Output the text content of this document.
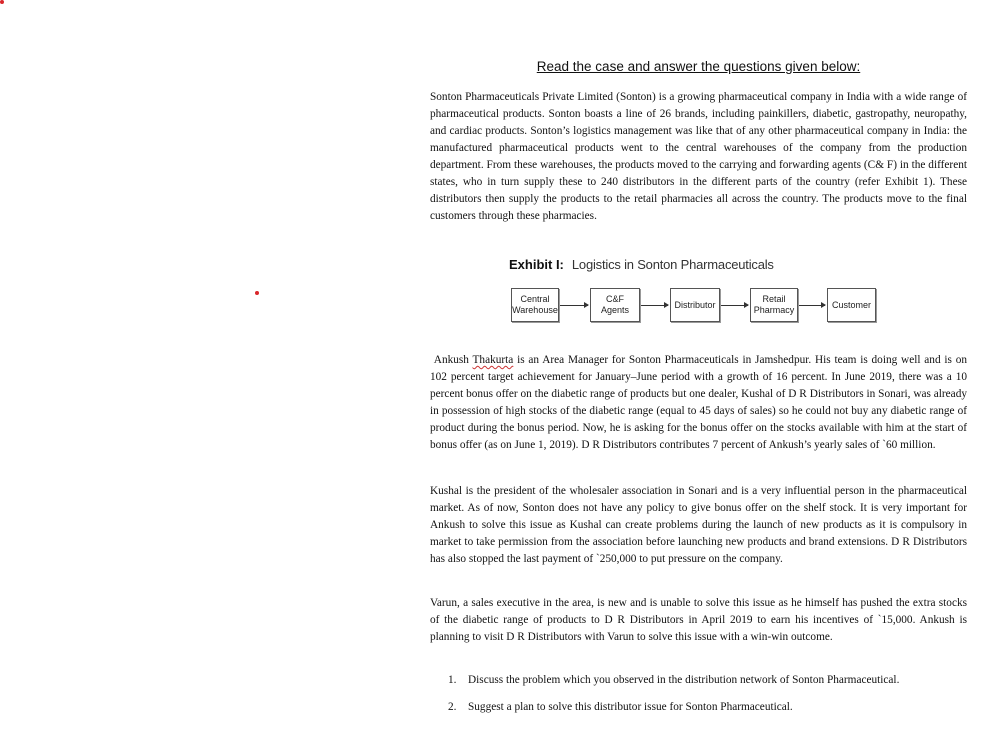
Read the case and answer the questions given below:

Sonton Pharmaceuticals Private Limited (Sonton) is a growing pharmaceutical company in India with a wide range of pharmaceutical products. Sonton boasts a line of 26 brands, including painkillers, diabetic, gastropathy, neuropathy, and cardiac products. Sonton’s logistics management was like that of any other pharmaceutical company in India: the manufactured pharmaceutical products went to the central warehouses of the company from the production department. From these warehouses, the products moved to the carrying and forwarding agents (C& F) in the different states, who in turn supply these to 240 distributors in the different parts of the country (refer Exhibit 1). These distributors then supply the products to the retail pharmacies all across the country. The products move to the final customers through these pharmacies.

Exhibit I: Logistics in Sonton Pharmaceuticals
Central Warehouse
C&F Agents
Distributor
Retail Pharmacy
Customer

Ankush Thakurta is an Area Manager for Sonton Pharmaceuticals in Jamshedpur. His team is doing well and is on 102 percent target achievement for January–June period with a growth of 16 percent. In June 2019, there was a 10 percent bonus offer on the diabetic range of products but one dealer, Kushal of D R Distributors in Sonari, was already in possession of high stocks of the diabetic range (equal to 45 days of sales) so he could not buy any diabetic range of product during the bonus period. Now, he is asking for the bonus offer on the stocks available with him at the start of bonus offer (as on June 1, 2019). D R Distributors contributes 7 percent of Ankush’s yearly sales of `60 million.

Kushal is the president of the wholesaler association in Sonari and is a very influential person in the pharmaceutical market. As of now, Sonton does not have any policy to give bonus offer on the shelf stock. It is very important for Ankush to solve this issue as Kushal can create problems during the launch of new products as it is compulsory in market to take permission from the association before launching new products and brand extensions. D R Distributors has also stopped the last payment of `250,000 to put pressure on the company.

Varun, a sales executive in the area, is new and is unable to solve this issue as he himself has pushed the extra stocks of the diabetic range of products to D R Distributors in April 2019 to earn his incentives of `15,000. Ankush is planning to visit D R Distributors with Varun to solve this issue with a win-win outcome.

1. Discuss the problem which you observed in the distribution network of Sonton Pharmaceutical.
2. Suggest a plan to solve this distributor issue for Sonton Pharmaceutical.
